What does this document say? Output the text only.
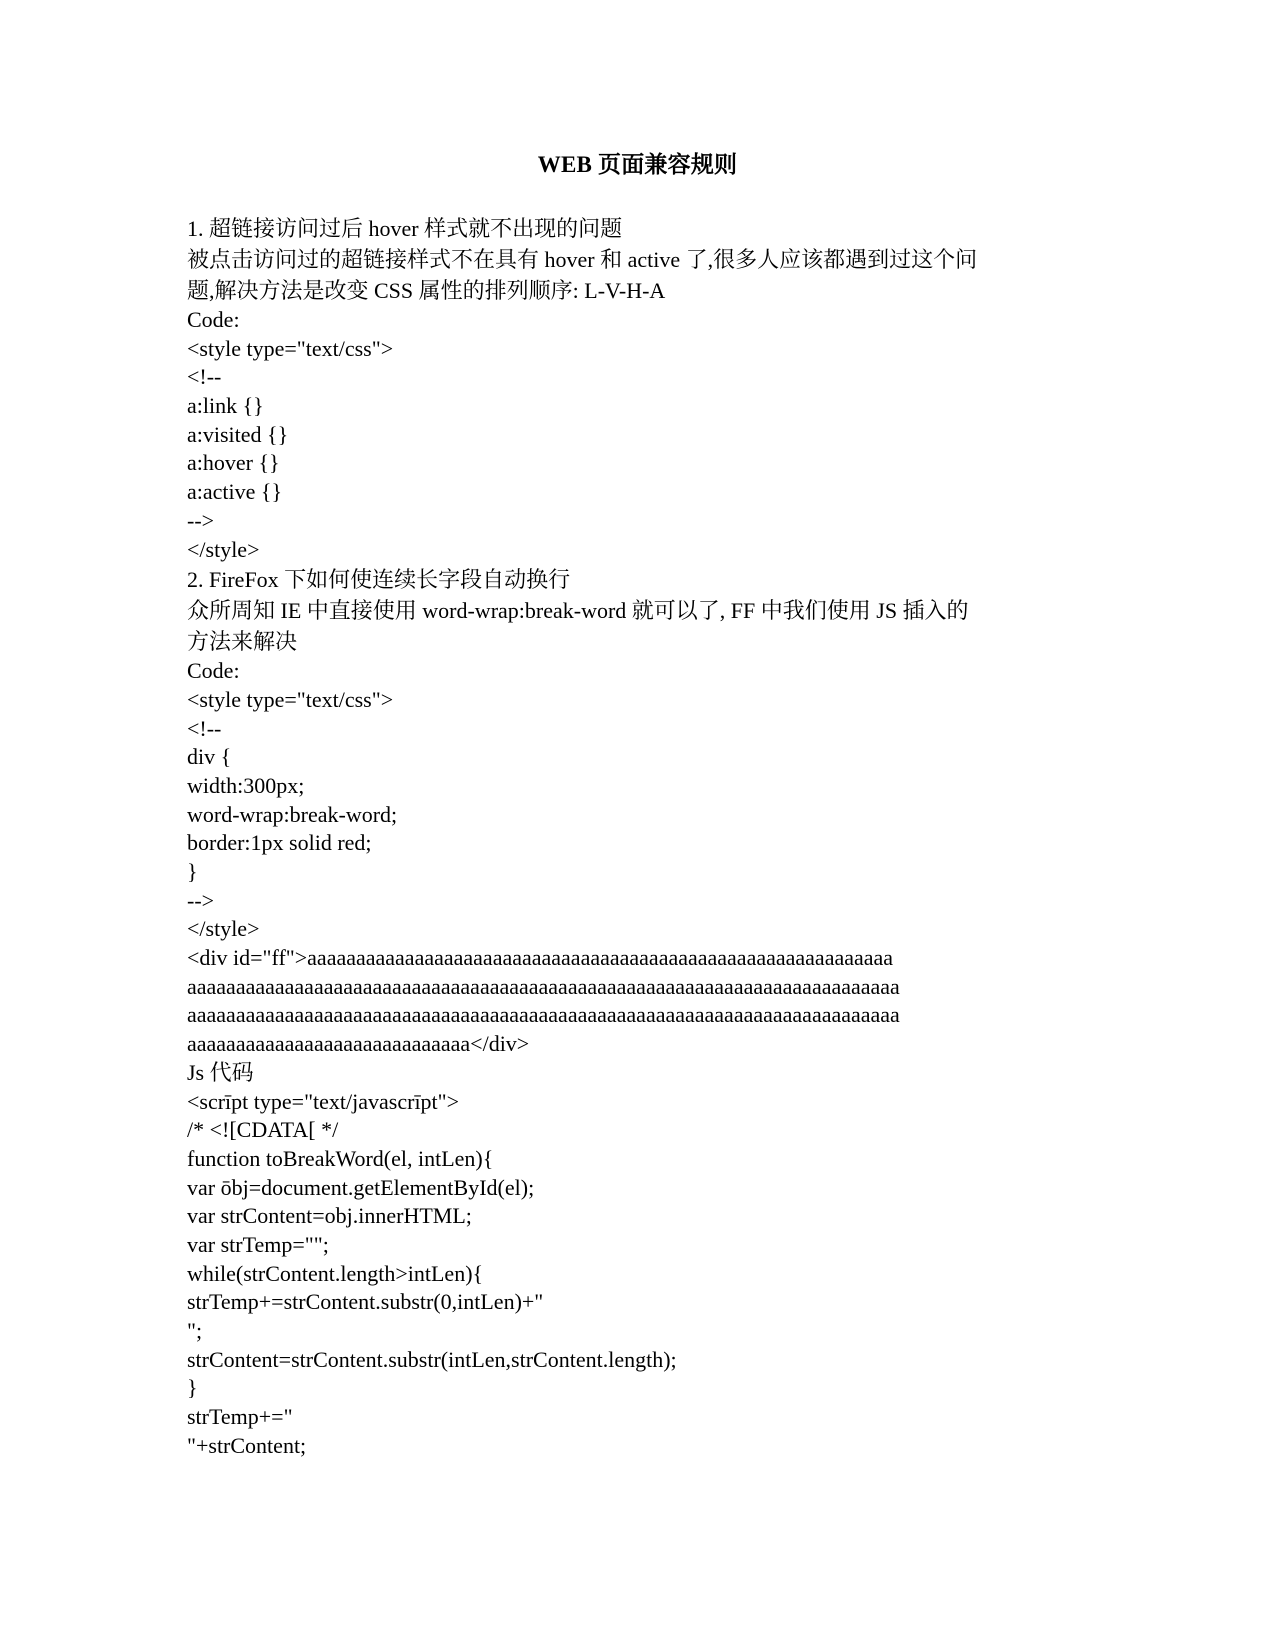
WEB 页面兼容规则
1. 超链接访问过后 hover 样式就不出现的问题
被点击访问过的超链接样式不在具有 hover 和 active 了,很多人应该都遇到过这个问
题,解决方法是改变 CSS 属性的排列顺序: L-V-H-A
Code:
<style type="text/css">
<!--
a:link {}
a:visited {}
a:hover {}
a:active {}
-->
</style>
2. FireFox 下如何使连续长字段自动换行
众所周知 IE 中直接使用 word-wrap:break-word 就可以了, FF 中我们使用 JS 插入的
方法来解决
Code:
<style type="text/css">
<!--
div {
width:300px;
word-wrap:break-word;
border:1px solid red;
}
-->
</style>
<div id="ff">aaaaaaaaaaaaaaaaaaaaaaaaaaaaaaaaaaaaaaaaaaaaaaaaaaaaaaaaaaaa
aaaaaaaaaaaaaaaaaaaaaaaaaaaaaaaaaaaaaaaaaaaaaaaaaaaaaaaaaaaaaaaaaaaaaaaaa
aaaaaaaaaaaaaaaaaaaaaaaaaaaaaaaaaaaaaaaaaaaaaaaaaaaaaaaaaaaaaaaaaaaaaaaaa
aaaaaaaaaaaaaaaaaaaaaaaaaaaaa</div>
Js 代码
<scrīpt type="text/javascrīpt">
/* <![CDATA[ */
function toBreakWord(el, intLen){
var ōbj=document.getElementById(el);
var strContent=obj.innerHTML;
var strTemp="";
while(strContent.length>intLen){
strTemp+=strContent.substr(0,intLen)+"
";
strContent=strContent.substr(intLen,strContent.length);
}
strTemp+="
"+strContent;
